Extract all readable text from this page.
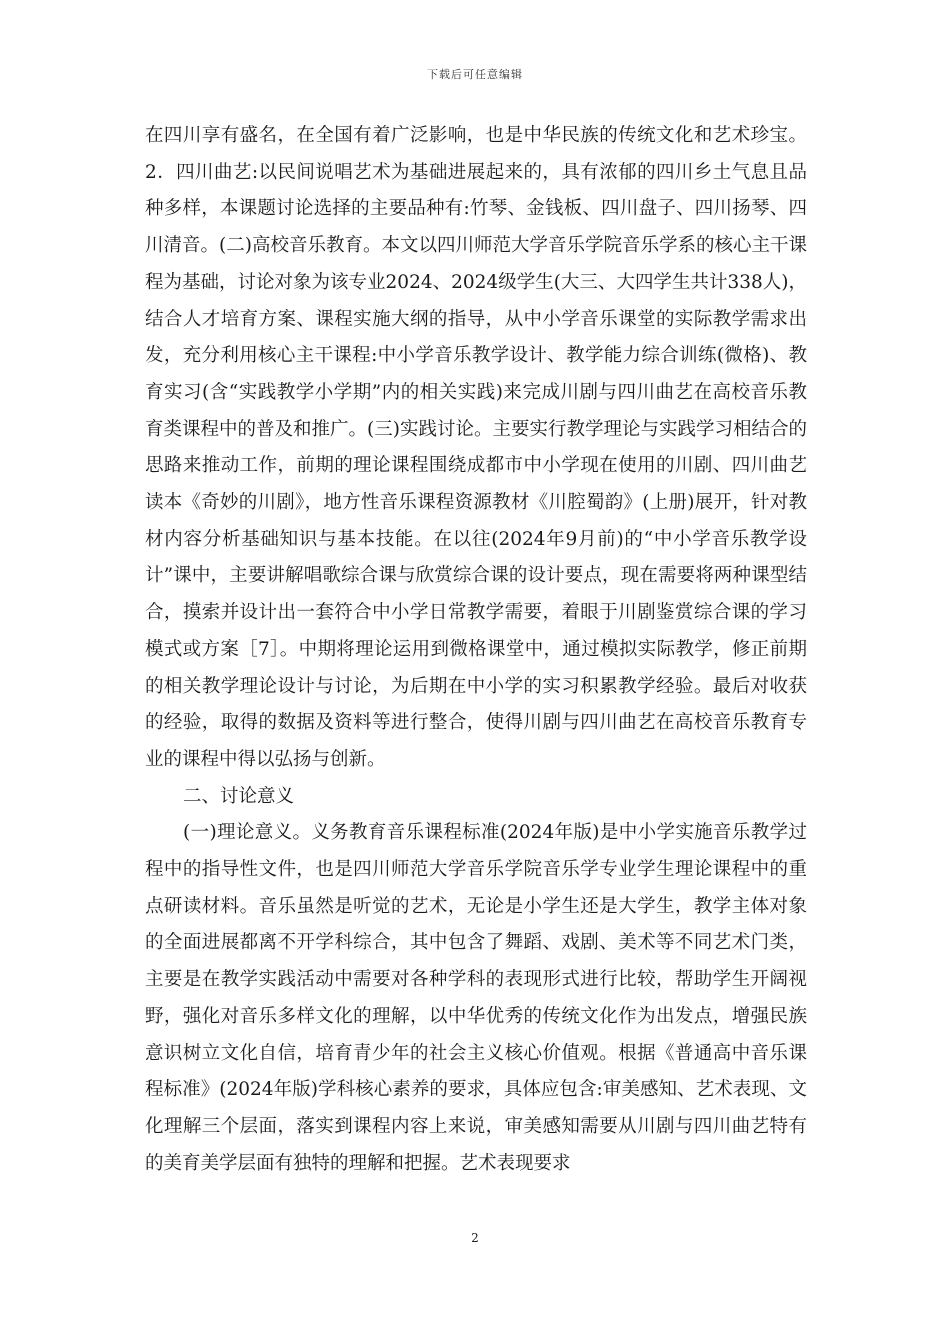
下载后可任意编辑

在四川享有盛名，在全国有着广泛影响，也是中华民族的传统文化和艺术珍宝。2．四川曲艺:以民间说唱艺术为基础进展起来的，具有浓郁的四川乡土气息且品种多样，本课题讨论选择的主要品种有:竹琴、金钱板、四川盘子、四川扬琴、四川清音。(二)高校音乐教育。本文以四川师范大学音乐学院音乐学系的核心主干课程为基础，讨论对象为该专业2024、2024级学生(大三、大四学生共计338人)，结合人才培育方案、课程实施大纲的指导，从中小学音乐课堂的实际教学需求出发，充分利用核心主干课程:中小学音乐教学设计、教学能力综合训练(微格)、教育实习(含“实践教学小学期”内的相关实践)来完成川剧与四川曲艺在高校音乐教育类课程中的普及和推广。(三)实践讨论。主要实行教学理论与实践学习相结合的思路来推动工作，前期的理论课程围绕成都市中小学现在使用的川剧、四川曲艺读本《奇妙的川剧》，地方性音乐课程资源教材《川腔蜀韵》(上册)展开，针对教材内容分析基础知识与基本技能。在以往(2024年9月前)的“中小学音乐教学设计”课中，主要讲解唱歌综合课与欣赏综合课的设计要点，现在需要将两种课型结合，摸索并设计出一套符合中小学日常教学需要，着眼于川剧鉴赏综合课的学习模式或方案［7］。中期将理论运用到微格课堂中，通过模拟实际教学，修正前期的相关教学理论设计与讨论，为后期在中小学的实习积累教学经验。最后对收获的经验，取得的数据及资料等进行整合，使得川剧与四川曲艺在高校音乐教育专业的课程中得以弘扬与创新。

二、讨论意义

(一)理论意义。义务教育音乐课程标准(2024年版)是中小学实施音乐教学过程中的指导性文件，也是四川师范大学音乐学院音乐学专业学生理论课程中的重点研读材料。音乐虽然是听觉的艺术，无论是小学生还是大学生，教学主体对象的全面进展都离不开学科综合，其中包含了舞蹈、戏剧、美术等不同艺术门类，主要是在教学实践活动中需要对各种学科的表现形式进行比较，帮助学生开阔视野，强化对音乐多样文化的理解，以中华优秀的传统文化作为出发点，增强民族意识树立文化自信，培育青少年的社会主义核心价值观。根据《普通高中音乐课程标准》(2024年版)学科核心素养的要求，具体应包含:审美感知、艺术表现、文化理解三个层面，落实到课程内容上来说，审美感知需要从川剧与四川曲艺特有的美育美学层面有独特的理解和把握。艺术表现要求

2
